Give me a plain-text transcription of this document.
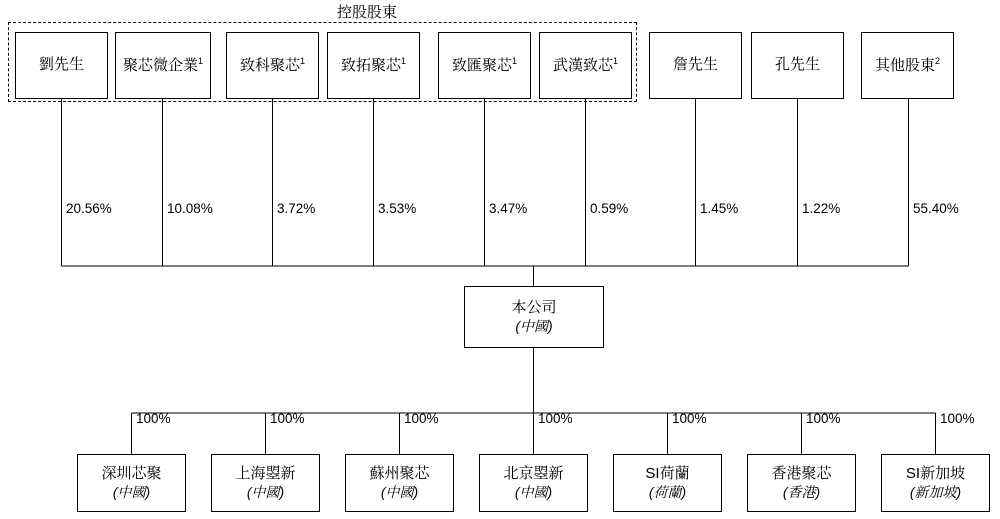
控股股東
劉先生	聚芯微企業$^1$ 致科聚芯$^1$ 致拓聚芯$^1$	致匯聚芯$^1$ 武漢致芯$^1$	詹先生	孔先生	其他股東$^2$
20.56%	10.08%	3.72%	3.53%	3.47%	0.59%	1.45%	1.22%	55.40%
本公司
(中國)
100%	100%	100%	100%	100%	100%	100%
深圳芯聚
(中國)
上海曌新
(中國)
蘇州聚芯
(中國)
北京曌新
(中國)
SI荷蘭
(荷蘭)
香港聚芯
(香港)
SI新加坡
(新加坡)
